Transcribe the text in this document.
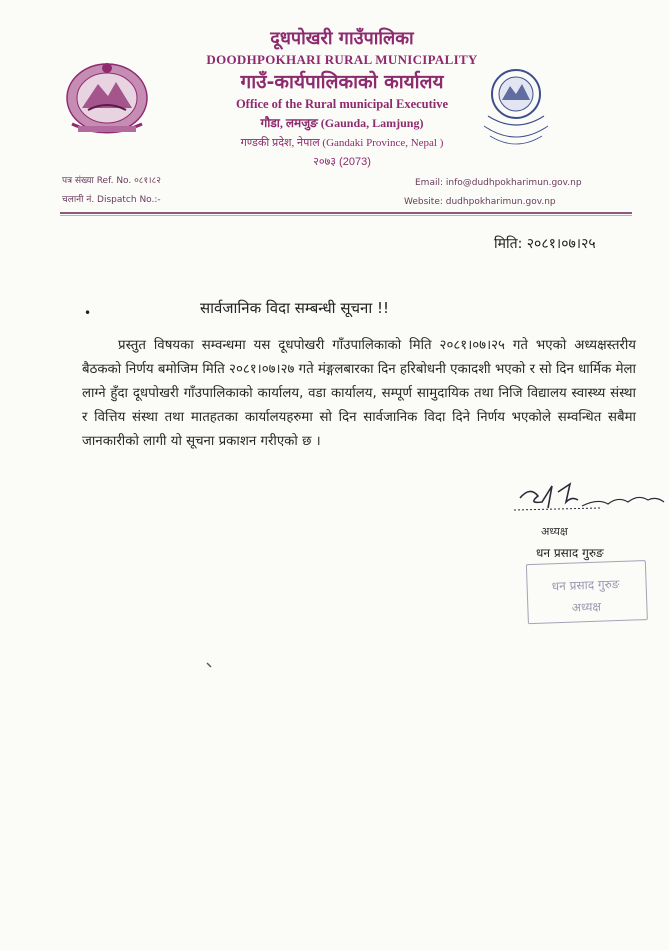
दूधपोखरी गाउँपालिका
DOODHPOKHARI RURAL MUNICIPALITY
गाउँ-कार्यपालिकाको कार्यालय
Office of the Rural municipal Executive
गौडा, लमजुङ (Gaunda, Lamjung)
गण्डकी प्रदेश, नेपाल (Gandaki Province, Nepal )
२०७३ (2073)
पत्र संख्या Ref. No. ०८१।८२
चलानी नं. Dispatch No.:-
Email: info@dudhpokharimun.gov.np
Website: dudhpokharimun.gov.np
मिति: २०८१।०७।२५
•	सार्वजानिक विदा सम्बन्धी सूचना !!
प्रस्तुत विषयका सम्वन्धमा यस दूधपोखरी गाँउपालिकाको मिति २०८१।०७।२५ गते भएको अध्यक्षस्तरीय बैठकको निर्णय बमोजिम मिति २०८१।०७।२७ गते मंङ्गलबारका दिन हरिबोधनी एकादशी भएको र सो दिन धार्मिक मेला लाग्ने हुँदा दूधपोखरी गाँउपालिकाको कार्यालय, वडा कार्यालय, सम्पूर्ण सामुदायिक तथा निजि विद्यालय स्वास्थ्य संस्था र वित्तिय संस्था तथा मातहतका कार्यालयहरुमा सो दिन सार्वजानिक विदा दिने निर्णय भएकोले सम्वन्धित सबैमा जानकारीको लागी यो सूचना प्रकाशन गरीएको छ ।
अध्यक्ष
धन प्रसाद गुरुङ
धन प्रसाद गुरुङ
अध्यक्ष
